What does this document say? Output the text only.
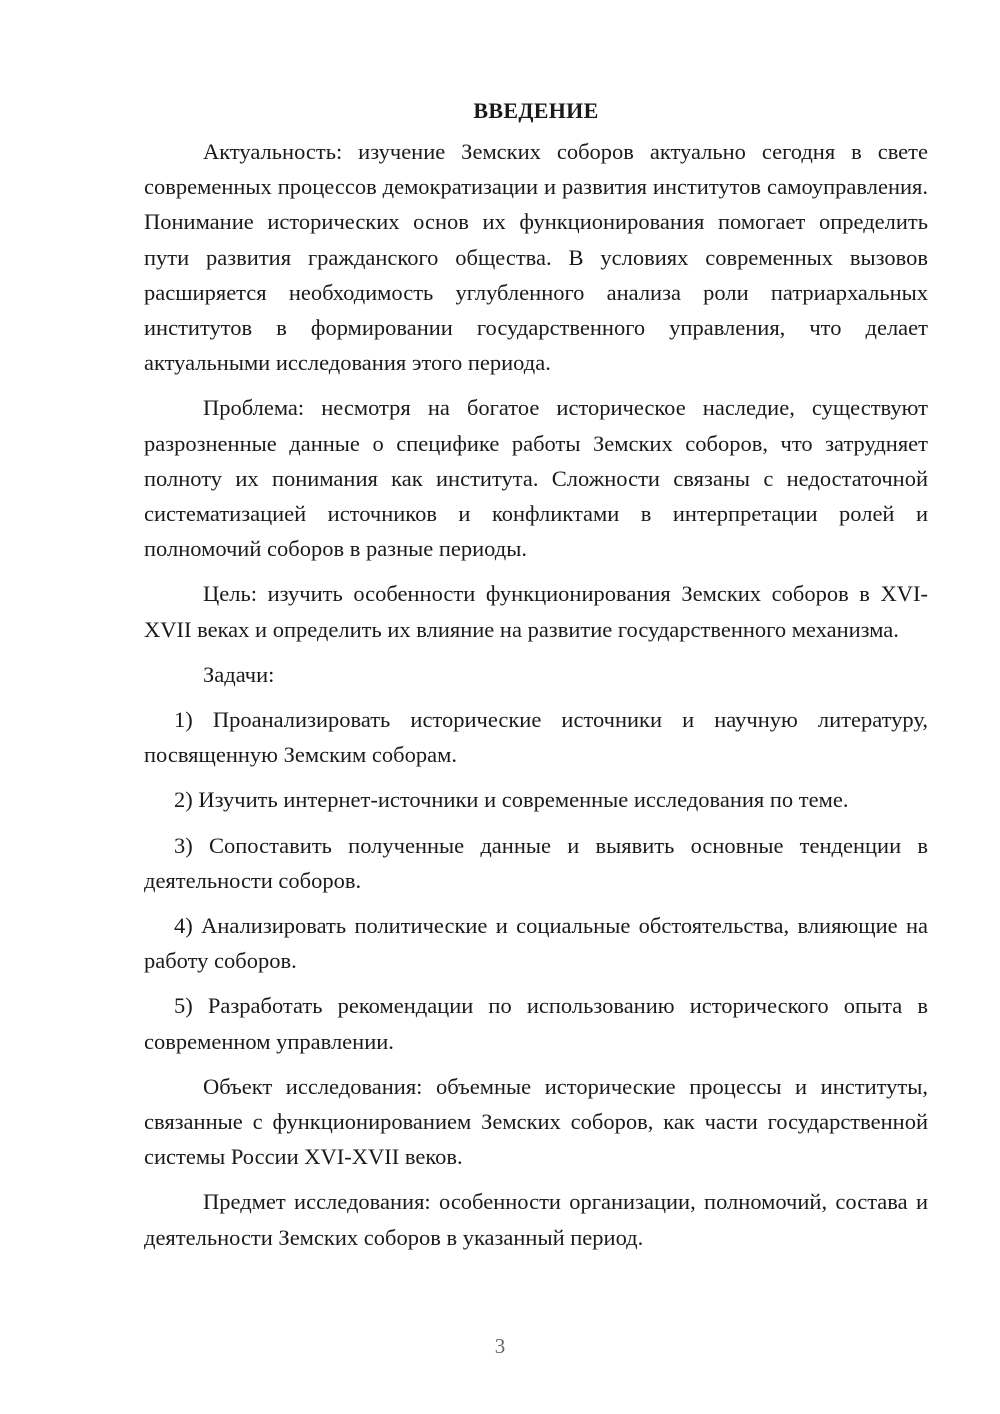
ВВЕДЕНИЕ

Актуальность: изучение Земских соборов актуально сегодня в свете современных процессов демократизации и развития институтов самоуправления. Понимание исторических основ их функционирования помогает определить пути развития гражданского общества. В условиях современных вызовов расширяется необходимость углубленного анализа роли патриархальных институтов в формировании государственного управления, что делает актуальными исследования этого периода.

Проблема: несмотря на богатое историческое наследие, существуют разрозненные данные о специфике работы Земских соборов, что затрудняет полноту их понимания как института. Сложности связаны с недостаточной систематизацией источников и конфликтами в интерпретации ролей и полномочий соборов в разные периоды.

Цель: изучить особенности функционирования Земских соборов в XVI-XVII веках и определить их влияние на развитие государственного механизма.

Задачи:

1) Проанализировать исторические источники и научную литературу, посвященную Земским соборам.

2) Изучить интернет-источники и современные исследования по теме.

3) Сопоставить полученные данные и выявить основные тенденции в деятельности соборов.

4) Анализировать политические и социальные обстоятельства, влияющие на работу соборов.

5) Разработать рекомендации по использованию исторического опыта в современном управлении.

Объект исследования: объемные исторические процессы и институты, связанные с функционированием Земских соборов, как части государственной системы России XVI-XVII веков.

Предмет исследования: особенности организации, полномочий, состава и деятельности Земских соборов в указанный период.

3
